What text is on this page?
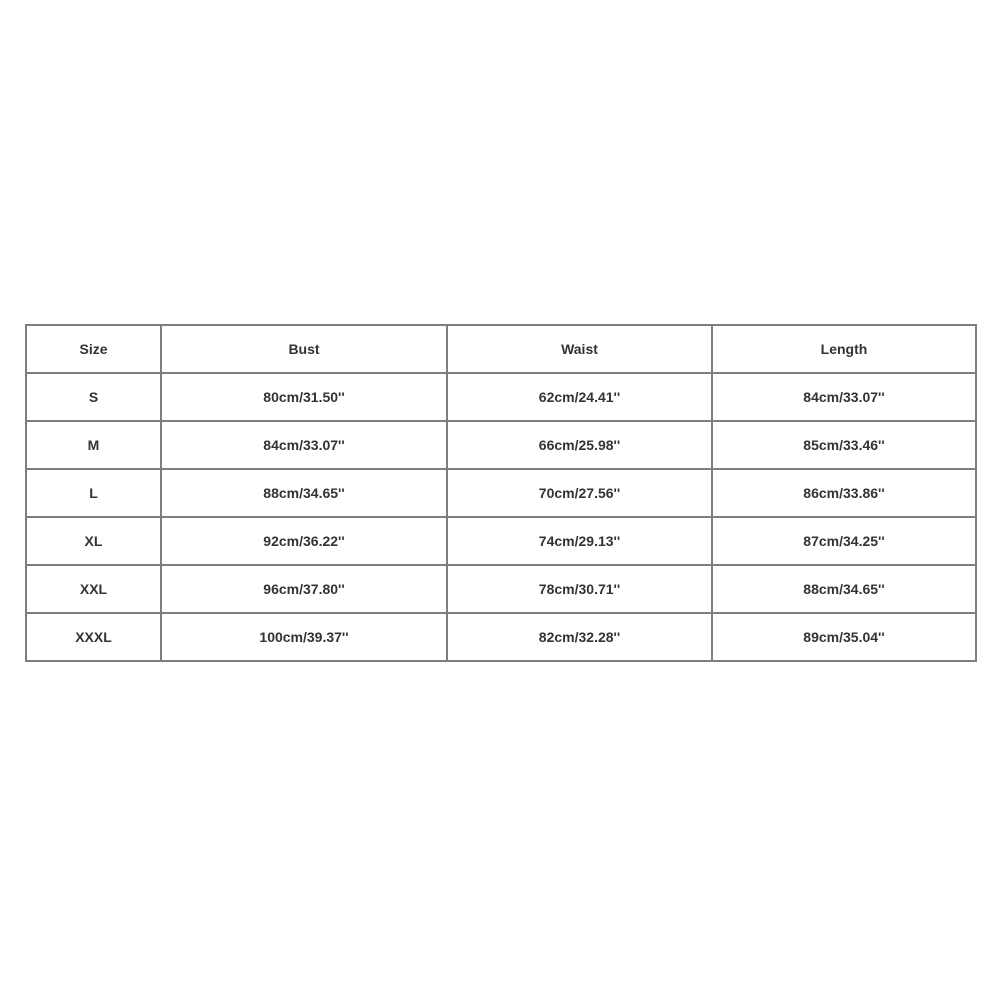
Size	Bust	Waist	Length
S	80cm/31.50''	62cm/24.41''	84cm/33.07''
M	84cm/33.07''	66cm/25.98''	85cm/33.46''
L	88cm/34.65''	70cm/27.56''	86cm/33.86''
XL	92cm/36.22''	74cm/29.13''	87cm/34.25''
XXL	96cm/37.80''	78cm/30.71''	88cm/34.65''
XXXL	100cm/39.37''	82cm/32.28''	89cm/35.04''
